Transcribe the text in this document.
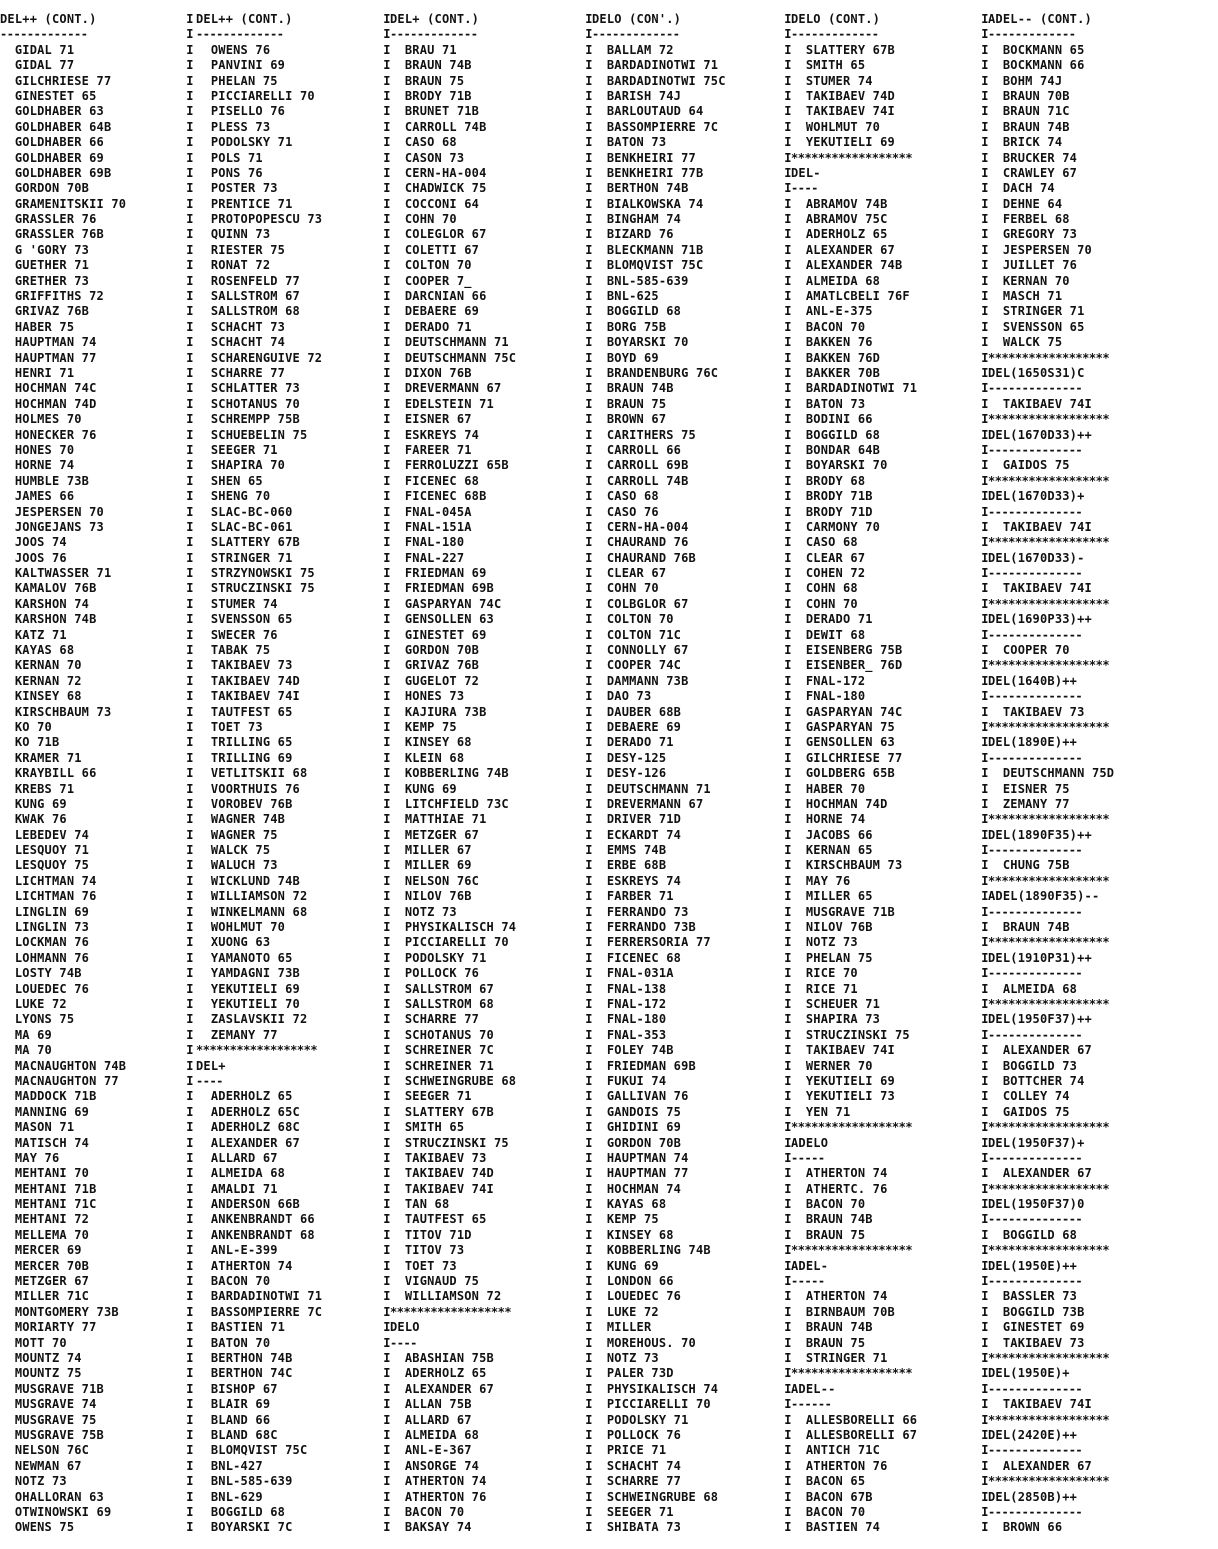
DEL++ (CONT.)
-------------
GIDAL 71
GIDAL 77
GILCHRIESE 77
GINESTET 65
GOLDHABER 63
GOLDHABER 64B
GOLDHABER 66
GOLDHABER 69
GOLDHABER 69B
GORDON 70B
GRAMENITSKII 70
GRASSLER 76
GRASSLER 76B
G 'GORY 73
GUETHER 71
GRETHER 73
GRIFFITHS 72
GRIVAZ 76B
HABER 75
HAUPTMAN 74
HAUPTMAN 77
HENRI 71
HOCHMAN 74C
HOCHMAN 74D
HOLMES 70
HONECKER 76
HONES 70
HORNE 74
HUMBLE 73B
JAMES 66
JESPERSEN 70
JONGEJANS 73
JOOS 74
JOOS 76
KALTWASSER 71
KAMALOV 76B
KARSHON 74
KARSHON 74B
KATZ 71
KAYAS 68
KERNAN 70
KERNAN 72
KINSEY 68
KIRSCHBAUM 73
KO 70
KO 71B
KRAMER 71
KRAYBILL 66
KREBS 71
KUNG 69
KWAK 76
LEBEDEV 74
LESQUOY 71
LESQUOY 75
LICHTMAN 74
LICHTMAN 76
LINGLIN 69
LINGLIN 73
LOCKMAN 76
LOHMANN 76
LOSTY 74B
LOUEDEC 76
LUKE 72
LYONS 75
MA 69
MA 70
MACNAUGHTON 74B
MACNAUGHTON 77
MADDOCK 71B
MANNING 69
MASON 71
MATISCH 74
MAY 76
MEHTANI 70
MEHTANI 71B
MEHTANI 71C
MEHTANI 72
MELLEMA 70
MERCER 69
MERCER 70B
METZGER 67
MILLER 71C
MONTGOMERY 73B
MORIARTY 77
MOTT 70
MOUNTZ 74
MOUNTZ 75
MUSGRAVE 71B
MUSGRAVE 74
MUSGRAVE 75
MUSGRAVE 75B
NELSON 76C
NEWMAN 67
NOTZ 73
OHALLORAN 63
OTWINOWSKI 69
OWENS 75
DEL++ (CONT.)
-------------
OWENS 76
PANVINI 69
PHELAN 75
PICCIARELLI 70
PISELLO 76
PLESS 73
PODOLSKY 71
POLS 71
PONS 76
POSTER 73
PRENTICE 71
PROTOPOPESCU 73
QUINN 73
RIESTER 75
RONAT 72
ROSENFELD 77
SALLSTROM 67
SALLSTROM 68
SCHACHT 73
SCHACHT 74
SCHARENGUIVE 72
SCHARRE 77
SCHLATTER 73
SCHOTANUS 70
SCHREMPP 75B
SCHUEBELIN 75
SEEGER 71
SHAPIRA 70
SHEN 65
SHENG 70
SLAC-BC-060
SLAC-BC-061
SLATTERY 67B
STRINGER 71
STRZYNOWSKI 75
STRUCZINSKI 75
STUMER 74
SVENSSON 65
SWECER 76
TABAK 75
TAKIBAEV 73
TAKIBAEV 74D
TAKIBAEV 74I
TAUTFEST 65
TOET 73
TRILLING 65
TRILLING 69
VETLITSKII 68
VOORTHUIS 76
VOROBEV 76B
WAGNER 74B
WAGNER 75
WALCK 75
WALUCH 73
WICKLUND 74B
WILLIAMSON 72
WINKELMANN 68
WOHLMUT 70
XUONG 63
YAMANOTO 65
YAMDAGNI 73B
YEKUTIELI 69
YEKUTIELI 70
ZASLAVSKII 72
ZEMANY 77
******************
DEL+
----
ADERHOLZ 65
ADERHOLZ 65C
ADERHOLZ 68C
ALEXANDER 67
ALLARD 67
ALMEIDA 68
AMALDI 71
ANDERSON 66B
ANKENBRANDT 66
ANKENBRANDT 68
ANL-E-399
ATHERTON 74
BACON 70
BARDADINOTWI 71
BASSOMPIERRE 7C
BASTIEN 71
BATON 70
BERTHON 74B
BERTHON 74C
BISHOP 67
BLAIR 69
BLAND 66
BLAND 68C
BLOMQVIST 75C
BNL-427
BNL-585-639
BNL-629
BOGGILD 68
BOYARSKI 7C
DEL+ (CONT.)
-------------
BRAU 71
BRAUN 74B
BRAUN 75
BRODY 71B
BRUNET 71B
CARROLL 74B
CASO 68
CASON 73
CERN-HA-004
CHADWICK 75
COCCONI 64
COHN 70
COLEGLOR 67
COLETTI 67
COLTON 70
COOPER 7_
DARCNIAN 66
DEBAERE 69
DERADO 71
DEUTSCHMANN 71
DEUTSCHMANN 75C
DIXON 76B
DREVERMANN 67
EDELSTEIN 71
EISNER 67
ESKREYS 74
FAREER 71
FERROLUZZI 65B
FICENEC 68
FICENEC 68B
FNAL-045A
FNAL-151A
FNAL-180
FNAL-227
FRIEDMAN 69
FRIEDMAN 69B
GASPARYAN 74C
GENSOLLEN 63
GINESTET 69
GORDON 70B
GRIVAZ 76B
GUGELOT 72
HONES 73
KAJIURA 73B
KEMP 75
KINSEY 68
KLEIN 68
KOBBERLING 74B
KUNG 69
LITCHFIELD 73C
MATTHIAE 71
METZGER 67
MILLER 67
MILLER 69
NELSON 76C
NILOV 76B
NOTZ 73
PHYSIKALISCH 74
PICCIARELLI 70
PODOLSKY 71
POLLOCK 76
SALLSTROM 67
SALLSTROM 68
SCHARRE 77
SCHOTANUS 70
SCHREINER 7C
SCHREINER 71
SCHWEINGRUBE 68
SEEGER 71
SLATTERY 67B
SMITH 65
STRUCZINSKI 75
TAKIBAEV 73
TAKIBAEV 74D
TAKIBAEV 74I
TAN 68
TAUTFEST 65
TITOV 71D
TITOV 73
TOET 73
VIGNAUD 75
WILLIAMSON 72
******************
DELO
----
ABASHIAN 75B
ADERHOLZ 65
ALEXANDER 67
ALLAN 75B
ALLARD 67
ALMEIDA 68
ANL-E-367
ANSORGE 74
ATHERTON 74
ATHERTON 76
BACON 70
BAKSAY 74
DELO (CON'.)
-------------
BALLAM 72
BARDADINOTWI 71
BARDADINOTWI 75C
BARISH 74J
BARLOUTAUD 64
BASSOMPIERRE 7C
BATON 73
BENKHEIRI 77
BENKHEIRI 77B
BERTHON 74B
BIALKOWSKA 74
BINGHAM 74
BIZARD 76
BLECKMANN 71B
BLOMQVIST 75C
BNL-585-639
BNL-625
BOGGILD 68
BORG 75B
BOYARSKI 70
BOYD 69
BRANDENBURG 76C
BRAUN 74B
BRAUN 75
BROWN 67
CARITHERS 75
CARROLL 66
CARROLL 69B
CARROLL 74B
CASO 68
CASO 76
CERN-HA-004
CHAURAND 76
CHAURAND 76B
CLEAR 67
COHN 70
COLBGLOR 67
COLTON 70
COLTON 71C
CONNOLLY 67
COOPER 74C
DAMMANN 73B
DAO 73
DAUBER 68B
DEBAERE 69
DERADO 71
DESY-125
DESY-126
DEUTSCHMANN 71
DREVERMANN 67
DRIVER 71D
ECKARDT 74
EMMS 74B
ERBE 68B
ESKREYS 74
FARBER 71
FERRANDO 73
FERRANDO 73B
FERRERSORIA 77
FICENEC 68
FNAL-031A
FNAL-138
FNAL-172
FNAL-180
FNAL-353
FOLEY 74B
FRIEDMAN 69B
FUKUI 74
GALLIVAN 76
GANDOIS 75
GHIDINI 69
GORDON 70B
HAUPTMAN 74
HAUPTMAN 77
HOCHMAN 74
KAYAS 68
KEMP 75
KINSEY 68
KOBBERLING 74B
KUNG 69
LONDON 66
LOUEDEC 76
LUKE 72
MILLER
MOREHOUS. 70
NOTZ 73
PALER 73D
PHYSIKALISCH 74
PICCIARELLI 70
PODOLSKY 71
POLLOCK 76
PRICE 71
SCHACHT 74
SCHARRE 77
SCHWEINGRUBE 68
SEEGER 71
SHIBATA 73
DELO (CONT.)
-------------
SLATTERY 67B
SMITH 65
STUMER 74
TAKIBAEV 74D
TAKIBAEV 74I
WOHLMUT 70
YEKUTIELI 69
******************
DEL-
----
ABRAMOV 74B
ABRAMOV 75C
ADERHOLZ 65
ALEXANDER 67
ALEXANDER 74B
ALMEIDA 68
AMATLCBELI 76F
ANL-E-375
BACON 70
BAKKEN 76
BAKKEN 76D
BAKKER 70B
BARDADINOTWI 71
BATON 73
BODINI 66
BOGGILD 68
BONDAR 64B
BOYARSKI 70
BRODY 68
BRODY 71B
BRODY 71D
CARMONY 70
CASO 68
CLEAR 67
COHEN 72
COHN 68
COHN 70
DERADO 71
DEWIT 68
EISENBERG 75B
EISENBER_ 76D
FNAL-172
FNAL-180
GASPARYAN 74C
GASPARYAN 75
GENSOLLEN 63
GILCHRIESE 77
GOLDBERG 65B
HABER 70
HOCHMAN 74D
HORNE 74
JACOBS 66
KERNAN 65
KIRSCHBAUM 73
MAY 76
MILLER 65
MUSGRAVE 71B
NILOV 76B
NOTZ 73
PHELAN 75
RICE 70
RICE 71
SCHEUER 71
SHAPIRA 73
STRUCZINSKI 75
TAKIBAEV 74I
WERNER 70
YEKUTIELI 69
YEKUTIELI 73
YEN 71
******************
ADELO
-----
ATHERTON 74
ATHERTC. 76
BACON 70
BRAUN 74B
BRAUN 75
******************
ADEL-
-----
ATHERTON 74
BIRNBAUM 70B
BRAUN 74B
BRAUN 75
STRINGER 71
******************
ADEL--
------
ALLESBORELLI 66
ALLESBORELLI 67
ANTICH 71C
ATHERTON 76
BACON 65
BACON 67B
BACON 70
BASTIEN 74
ADEL-- (CONT.)
-------------
BOCKMANN 65
BOCKMANN 66
BOHM 74J
BRAUN 70B
BRAUN 71C
BRAUN 74B
BRICK 74
BRUCKER 74
CRAWLEY 67
DACH 74
DEHNE 64
FERBEL 68
GREGORY 73
JESPERSEN 70
JUILLET 76
KERNAN 70
MASCH 71
STRINGER 71
SVENSSON 65
WALCK 75
******************
DEL(1650S31)C
--------------
TAKIBAEV 74I
******************
DEL(1670D33)++
--------------
GAIDOS 75
******************
DEL(1670D33)+
--------------
TAKIBAEV 74I
******************
DEL(1670D33)-
--------------
TAKIBAEV 74I
******************
DEL(1690P33)++
--------------
COOPER 70
******************
DEL(1640B)++
--------------
TAKIBAEV 73
******************
DEL(1890E)++
--------------
DEUTSCHMANN 75D
EISNER 75
ZEMANY 77
******************
DEL(1890F35)++
--------------
CHUNG 75B
******************
ADEL(1890F35)--
--------------
BRAUN 74B
******************
DEL(1910P31)++
--------------
ALMEIDA 68
******************
DEL(1950F37)++
--------------
ALEXANDER 67
BOGGILD 73
BOTTCHER 74
COLLEY 74
GAIDOS 75
******************
DEL(1950F37)+
--------------
ALEXANDER 67
******************
DEL(1950F37)0
--------------
BOGGILD 68
******************
DEL(1950E)++
--------------
BASSLER 73
BOGGILD 73B
GINESTET 69
TAKIBAEV 73
******************
DEL(1950E)+
--------------
TAKIBAEV 74I
******************
DEL(2420E)++
--------------
ALEXANDER 67
******************
DEL(2850B)++
--------------
BROWN 66
I
I
I
I
I
I
I
I
I
I
I
I
I
I
I
I
I
I
I
I
I
I
I
I
I
I
I
I
I
I
I
I
I
I
I
I
I
I
I
I
I
I
I
I
I
I
I
I
I
I
I
I
I
I
I
I
I
I
I
I
I
I
I
I
I
I
I
I
I
I
I
I
I
I
I
I
I
I
I
I
I
I
I
I
I
I
I
I
I
I
I
I
I
I
I
I
I
I
I
I
I
I
I
I
I
I
I
I
I
I
I
I
I
I
I
I
I
I
I
I
I
I
I
I
I
I
I
I
I
I
I
I
I
I
I
I
I
I
I
I
I
I
I
I
I
I
I
I
I
I
I
I
I
I
I
I
I
I
I
I
I
I
I
I
I
I
I
I
I
I
I
I
I
I
I
I
I
I
I
I
I
I
I
I
I
I
I
I
I
I
I
I
I
I
I
I
I
I
I
I
I
I
I
I
I
I
I
I
I
I
I
I
I
I
I
I
I
I
I
I
I
I
I
I
I
I
I
I
I
I
I
I
I
I
I
I
I
I
I
I
I
I
I
I
I
I
I
I
I
I
I
I
I
I
I
I
I
I
I
I
I
I
I
I
I
I
I
I
I
I
I
I
I
I
I
I
I
I
I
I
I
I
I
I
I
I
I
I
I
I
I
I
I
I
I
I
I
I
I
I
I
I
I
I
I
I
I
I
I
I
I
I
I
I
I
I
I
I
I
I
I
I
I
I
I
I
I
I
I
I
I
I
I
I
I
I
I
I
I
I
I
I
I
I
I
I
I
I
I
I
I
I
I
I
I
I
I
I
I
I
I
I
I
I
I
I
I
I
I
I
I
I
I
I
I
I
I
I
I
I
I
I
I
I
I
I
I
I
I
I
I
I
I
I
I
I
I
I
I
I
I
I
I
I
I
I
I
I
I
I
I
I
I
I
I
I
I
I
I
I
I
I
I
I
I
I
I
I
I
I
I
I
I
I
I
I
I
I
I
I
I
I
I
I
I
I
I
I
I
I
I
I
I
I
I
I
I
I
I
I
I
I
I
I
I
I
I
I
I
I
I
I
I
I
I
I
I
I
I
I
I
I
I
I
I
I
I
I
I
I
I
I
I
I
I
